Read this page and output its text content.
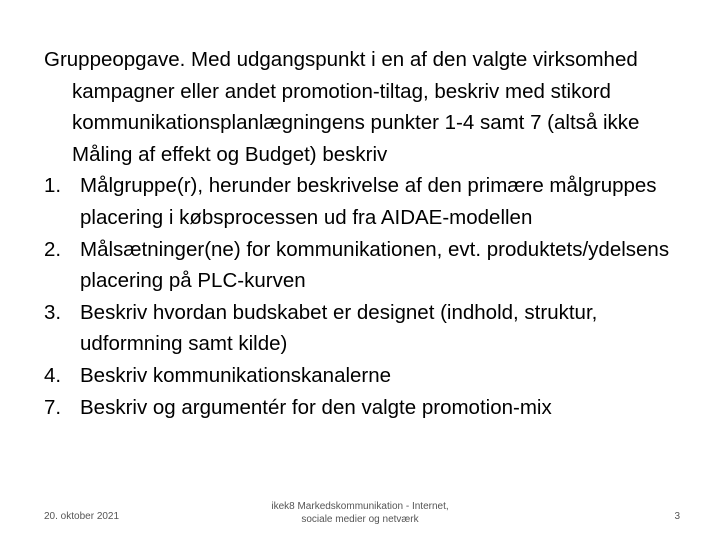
Gruppeopgave. Med udgangspunkt i en af den valgte virksomhed kampagner eller andet promotion-tiltag, beskriv med stikord kommunikationsplanlægningens punkter 1-4 samt 7 (altså ikke Måling af effekt og Budget) beskriv

1. Målgruppe(r), herunder beskrivelse af den primære målgruppes placering i købsprocessen ud fra AIDAE-modellen
2. Målsætninger(ne) for kommunikationen, evt. produktets/ydelsens placering på PLC-kurven
3. Beskriv hvordan budskabet er designet (indhold, struktur, udformning samt kilde)
4. Beskriv kommunikationskanalerne
7. Beskriv og argumentér for den valgte promotion-mix
20. oktober 2021
ikek8 Markedskommunikation - Internet,
sociale medier og netværk	3
